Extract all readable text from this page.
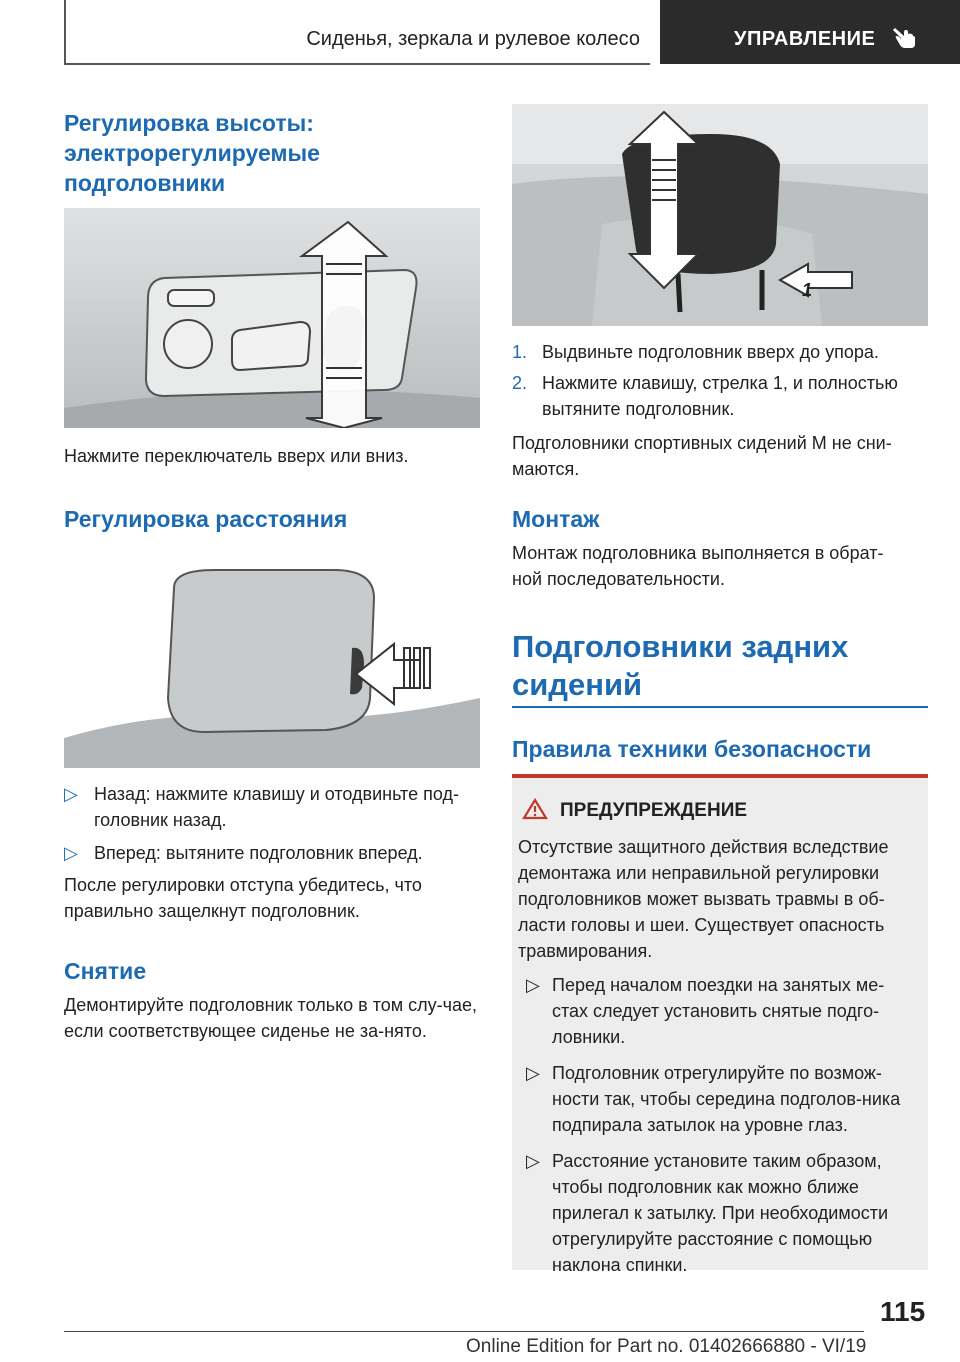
Сиденья, зеркала и рулевое колесо	УПРАВЛЕНИЕ
Регулировка высоты: электрорегулируемые подголовники

Нажмите переключатель вверх или вниз.

Регулировка расстояния
▷ Назад: нажмите клавишу и отодвиньте под-головник назад.
▷ Вперед: вытяните подголовник вперед.

После регулировки отступа убедитесь, что правильно защелкнут подголовник.

Снятие

Демонтируйте подголовник только в том слу-чае, если соответствующее сиденье не за-нято.

1
1. Выдвиньте подголовник вверх до упора.
2. Нажмите клавишу, стрелка 1, и полностью вытяните подголовник.

Подголовники спортивных сидений M не сни-маются.

Монтаж

Монтаж подголовника выполняется в обрат-ной последовательности.

Подголовники задних сидений
Правила техники безопасности
ПРЕДУПРЕЖДЕНИЕ

Отсутствие защитного действия вследствие демонтажа или неправильной регулировки подголовников может вызвать травмы в об-ласти головы и шеи. Существует опасность травмирования.

▷ Перед началом поездки на занятых ме-стах следует установить снятые подго-ловники.
▷ Подголовник отрегулируйте по возмож-ности так, чтобы середина подголов-ника подпирала затылок на уровне глаз.
▷ Расстояние установите таким образом, чтобы подголовник как можно ближе прилегал к затылку. При необходимости отрегулируйте расстояние с помощью наклона спинки.
115
Online Edition for Part no. 01402666880 - VI/19
